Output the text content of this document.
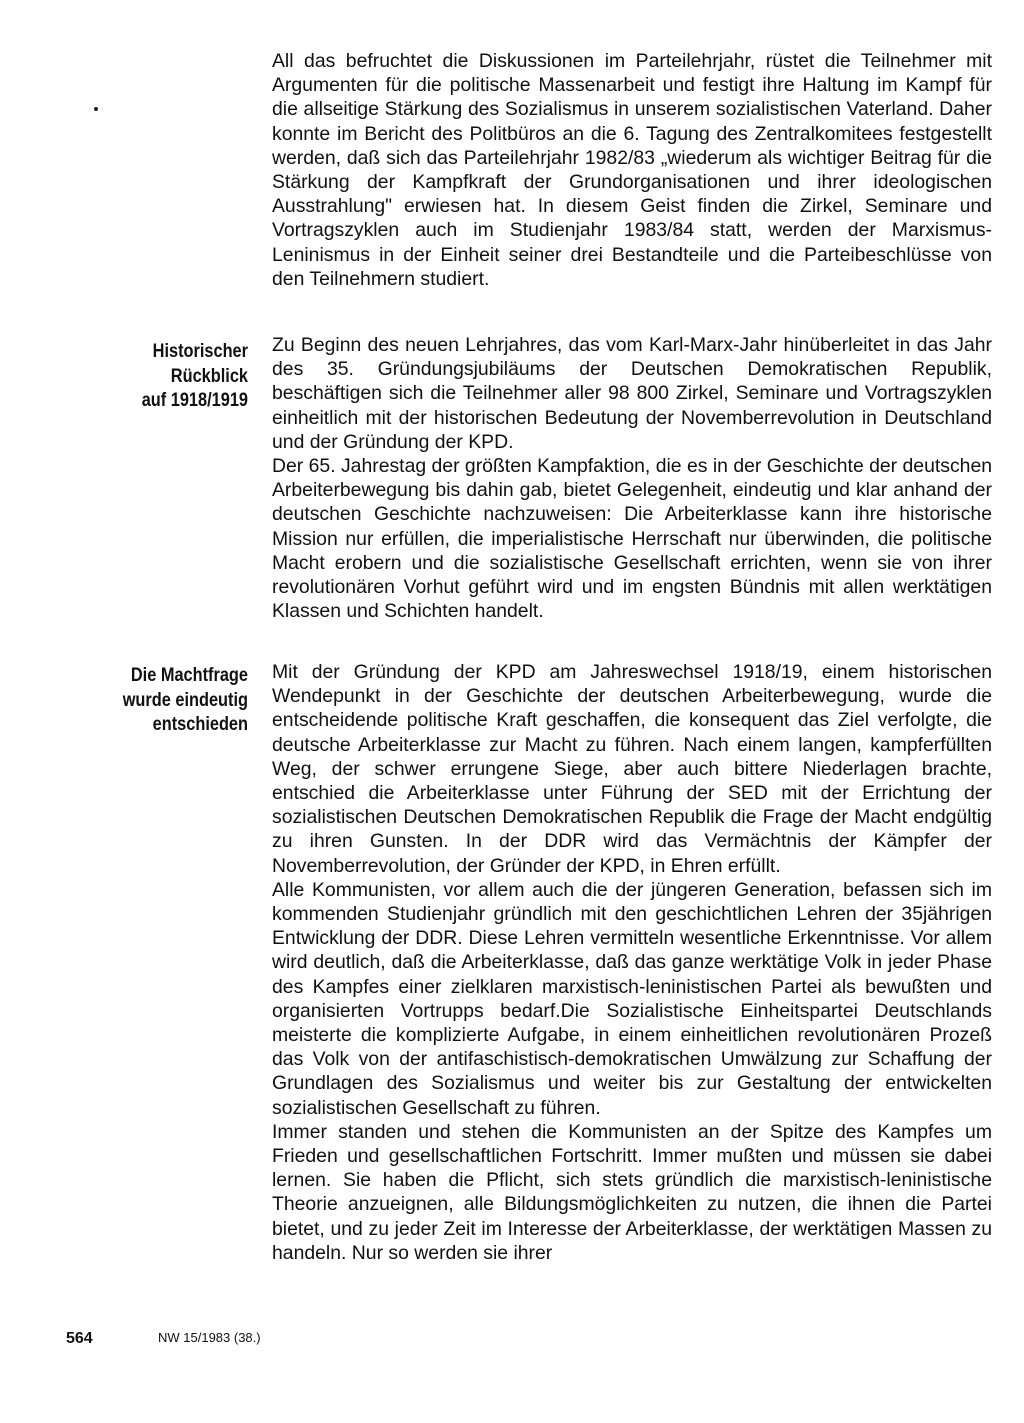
All das befruchtet die Diskussionen im Parteilehrjahr, rüstet die Teilnehmer mit Argumenten für die politische Massenarbeit und festigt ihre Haltung im Kampf für die allseitige Stärkung des Sozialismus in unserem sozialistischen Vaterland. Daher konnte im Bericht des Politbüros an die 6. Tagung des Zentralkomitees festgestellt werden, daß sich das Parteilehrjahr 1982/83 „wiederum als wichtiger Beitrag für die Stärkung der Kampfkraft der Grundorganisationen und ihrer ideologischen Ausstrahlung" erwiesen hat. In diesem Geist finden die Zirkel, Seminare und Vortragszyklen auch im Studienjahr 1983/84 statt, werden der Marxismus-Leninismus in der Einheit seiner drei Bestandteile und die Parteibeschlüsse von den Teilnehmern studiert.

Historischer
Rückblick
auf 1918/1919

Zu Beginn des neuen Lehrjahres, das vom Karl-Marx-Jahr hinüberleitet in das Jahr des 35. Gründungsjubiläums der Deutschen Demokratischen Republik, beschäftigen sich die Teilnehmer aller 98 800 Zirkel, Seminare und Vortragszyklen einheitlich mit der historischen Bedeutung der Novemberrevolution in Deutschland und der Gründung der KPD.

Der 65. Jahrestag der größten Kampfaktion, die es in der Geschichte der deutschen Arbeiterbewegung bis dahin gab, bietet Gelegenheit, eindeutig und klar anhand der deutschen Geschichte nachzuweisen: Die Arbeiterklasse kann ihre historische Mission nur erfüllen, die imperialistische Herrschaft nur überwinden, die politische Macht erobern und die sozialistische Gesellschaft errichten, wenn sie von ihrer revolutionären Vorhut geführt wird und im engsten Bündnis mit allen werktätigen Klassen und Schichten handelt.

Die Machtfrage
wurde eindeutig
entschieden

Mit der Gründung der KPD am Jahreswechsel 1918/19, einem historischen Wendepunkt in der Geschichte der deutschen Arbeiterbewegung, wurde die entscheidende politische Kraft geschaffen, die konsequent das Ziel verfolgte, die deutsche Arbeiterklasse zur Macht zu führen. Nach einem langen, kampferfüllten Weg, der schwer errungene Siege, aber auch bittere Niederlagen brachte, entschied die Arbeiterklasse unter Führung der SED mit der Errichtung der sozialistischen Deutschen Demokratischen Republik die Frage der Macht endgültig zu ihren Gunsten. In der DDR wird das Vermächtnis der Kämpfer der Novemberrevolution, der Gründer der KPD, in Ehren erfüllt.

Alle Kommunisten, vor allem auch die der jüngeren Generation, befassen sich im kommenden Studienjahr gründlich mit den geschichtlichen Lehren der 35jährigen Entwicklung der DDR. Diese Lehren vermitteln wesentliche Erkenntnisse. Vor allem wird deutlich, daß die Arbeiterklasse, daß das ganze werktätige Volk in jeder Phase des Kampfes einer zielklaren marxistisch-leninistischen Partei als bewußten und organisierten Vortrupps bedarf.Die Sozialistische Einheitspartei Deutschlands meisterte die komplizierte Aufgabe, in einem einheitlichen revolutionären Prozeß das Volk von der antifaschistisch-demokratischen Umwälzung zur Schaffung der Grundlagen des Sozialismus und weiter bis zur Gestaltung der entwickelten sozialistischen Gesellschaft zu führen.

Immer standen und stehen die Kommunisten an der Spitze des Kampfes um Frieden und gesellschaftlichen Fortschritt. Immer mußten und müssen sie dabei lernen. Sie haben die Pflicht, sich stets gründlich die marxistisch-leninistische Theorie anzueignen, alle Bildungsmöglichkeiten zu nutzen, die ihnen die Partei bietet, und zu jeder Zeit im Interesse der Arbeiterklasse, der werktätigen Massen zu handeln. Nur so werden sie ihrer

564	NW 15/1983 (38.)
